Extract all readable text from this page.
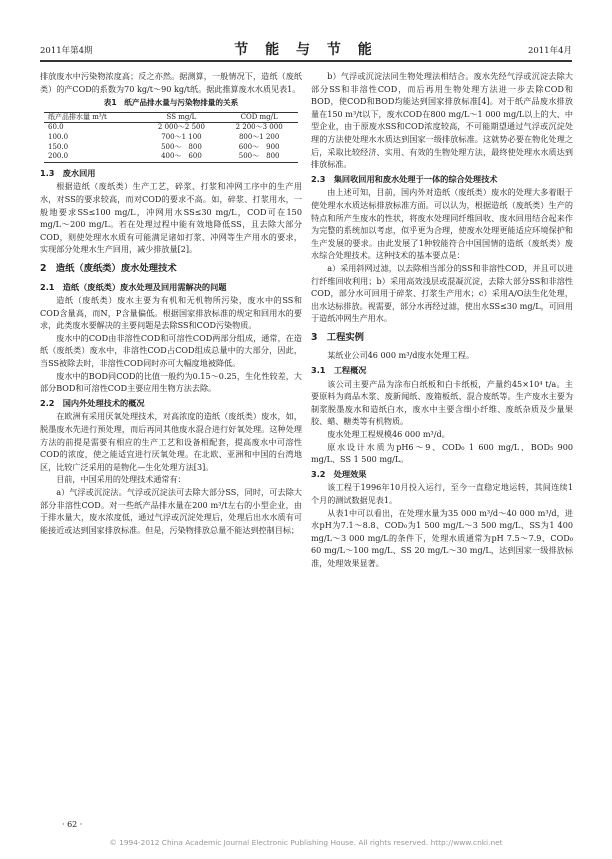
2011年第4期	节 能 与 节 能	2011年4月

排放废水中污染物浓度高；反之亦然。据测算，一般情况下，造纸（废纸类）的产COD的系数为70 kg/t～90 kg/t纸。据此推算废水水质见表1。

表1　纸产品排水量与污染物排量的关系
纸产品排水量 m³/t	SS mg/L	COD mg/L
60.0	2 000～2 500	2 200～3 000
100.0	700～1 100	800～1 200
150.0	500～　800	600～　900
200.0	400～　600	500～　800
1.3　废水回用

根据造纸（废纸类）生产工艺，碎浆、打浆和冲网工序中的生产用水，对SS的要求较高，而对COD的要求不高。如，碎浆、打浆用水，一般地要求SS≤100 mg/L，冲网用水SS≤30 mg/L，COD可在150 mg/L～200 mg/L。若在处理过程中能有效地降低SS，且去除大部分COD，则使处理水水质有可能满足诸如打浆、冲网等生产用水的要求，实现部分处理水生产回用，减少排放量[2]。

2　造纸（废纸类）废水处理技术
2.1　造纸（废纸类）废水处理及回用需解决的问题

造纸（废纸类）废水主要为有机和无机物所污染，废水中的SS和COD含量高，而N，P含量偏低。根据国家排放标准的规定和回用水的要求，此类废水要解决的主要问题是去除SS和COD污染物质。

废水中的COD由非溶性COD和可溶性COD两部分组成，通常，在造纸（废纸类）废水中，非溶性COD占COD组成总量中的大部分，因此，当SS被除去时，非溶性COD同时亦可大幅度地被降低。

废水中的BOD同COD的比值一般约为0.15～0.25，生化性较差，大部分BOD和可溶性COD主要应用生物方法去除。

2.2　国内外处理技术的概况

在欧洲有采用厌氧处理技术，对高浓度的造纸（废纸类）废水，如，脱墨废水先进行预处理，而后再同其他废水混合进行好氧处理。这种处理方法的前提是需要有相应的生产工艺和设备相配套，提高废水中可溶性COD的浓度，使之能适宜进行厌氧处理。在北欧、亚洲和中国的台湾地区，比较广泛采用的是物化—生化处理方法[3]。

目前，中国采用的处理技术通常有：

a）气浮或沉淀法。气浮或沉淀法可去除大部分SS，同时，可去除大部分非溶性COD。对一些纸产品排水量在200 m³/t左右的小型企业，由于排水量大，废水浓度低，通过气浮或沉淀处理后，处理后出水水质有可能接近或达到国家排放标准。但是，污染物排放总量不能达到控制目标；

b）气浮或沉淀法同生物处理法相结合。废水先经气浮或沉淀去除大部分SS和非溶性COD，而后再用生物处理方法进一步去除COD和BOD，使COD和BOD均能达到国家排放标准[4]。对于纸产品废水排放量在150 m³/t以下，废水COD在800 mg/L～1 000 mg/L以上的大、中型企业，由于原废水SS和COD浓度较高，不可能期望通过气浮或沉淀处理的方法使处理水水质达到国家一级排放标准。这就势必要在物化处理之后，采取比较经济、实用、有效的生物处理方法，最终使处理水水质达到排放标准。

2.3　集回收回用和废水处理于一体的综合处理技术

由上述可知，目前，国内外对造纸（废纸类）废水的处理大多着眼于使处理水水质达标排放标准方面。可以认为，根据造纸（废纸类）生产的特点和所产生废水的性状，将废水处理同纤维回收、废水回用结合起来作为完整的系统加以考虑，似乎更为合理，使废水处理更能适应环境保护和生产发展的要求。由此发展了1种较能符合中国国情的造纸（废纸类）废水综合处理技术。这种技术的基本要点是：

a）采用斜网过滤，以去除相当部分的SS和非溶性COD，并且可以进行纤维回收利用；b）采用高效浅层或混凝沉淀，去除大部分SS和非溶性COD，部分水可回用于碎浆、打浆生产用水；c）采用A/O法生化处理，出水达标排放。视需要，部分水再经过滤，使出水SS≤30 mg/L，可回用于造纸冲网生产用水。

3　工程实例

某纸业公司46 000 m³/d废水处理工程。

3.1　工程概况

该公司主要产品为涂布白纸板和白卡纸板，产量约45×10⁴ t/a。主要原料为商品木浆、废新闻纸、废箱板纸、混合废纸等。生产废水主要为制浆脱墨废水和造纸白水，废水中主要含细小纤维、废纸杂质及少量果胶、蜡、糖类等有机物质。

废水处理工程规模46 000 m³/d。

原水设计水质为pH6～9、COD₀ 1 600 mg/L、BOD₅ 900 mg/L、SS 1 500 mg/L。

3.2　处理效果

该工程于1996年10月投入运行，至今一直稳定地运转，其间连续1个月的测试数据见表1。

从表1中可以看出，在处理水量为35 000 m³/d～40 000 m³/d，进水pH为7.1～8.8、COD₀为1 500 mg/L～3 500 mg/L、SS为1 400 mg/L～3 000 mg/L的条件下，处理水质通常为pH 7.5～7.9、COD₀ 60 mg/L～100 mg/L、SS 20 mg/L～30 mg/L，达到国家一级排放标准，处理效果显著。

· 62 ·
© 1994-2012 China Academic Journal Electronic Publishing House. All rights reserved. http://www.cnki.net
